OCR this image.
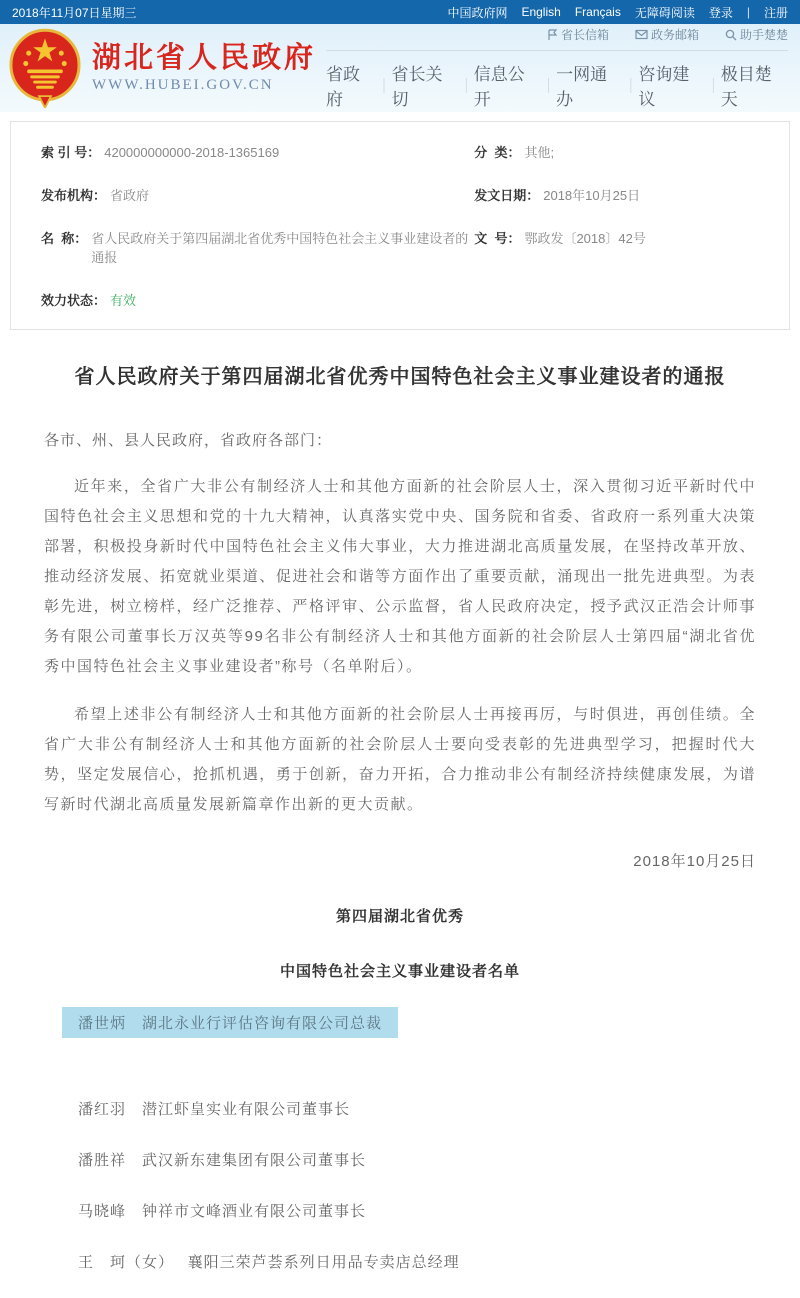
2018年11月07日星期三	中国政府网 English Français 无障碍阅读 登录 | 注册
湖北省人民政府
WWW.HUBEI.GOV.CN
省长信箱	政务邮箱	助手楚楚
省政府
｜
省长关切
｜
信息公开
｜
一网通办
｜
咨询建议
｜
极目楚天
索 引 号： 420000000000-2018-1365169	分  类： 其他;
发布机构： 省政府	发文日期： 2018年10月25日
名  称： 省人民政府关于第四届湖北省优秀中国特色社会主义事业建设者的通报
文  号： 鄂政发〔2018〕42号
效力状态： 有效
省人民政府关于第四届湖北省优秀中国特色社会主义事业建设者的通报
各市、州、县人民政府，省政府各部门：
近年来，全省广大非公有制经济人士和其他方面新的社会阶层人士，深入贯彻习近平新时代中国特色社会主义思想和党的十九大精神，认真落实党中央、国务院和省委、省政府一系列重大决策部署，积极投身新时代中国特色社会主义伟大事业，大力推进湖北高质量发展，在坚持改革开放、推动经济发展、拓宽就业渠道、促进社会和谐等方面作出了重要贡献，涌现出一批先进典型。为表彰先进，树立榜样，经广泛推荐、严格评审、公示监督，省人民政府决定，授予武汉正浩会计师事务有限公司董事长万汉英等99名非公有制经济人士和其他方面新的社会阶层人士第四届“湖北省优秀中国特色社会主义事业建设者”称号（名单附后）。
希望上述非公有制经济人士和其他方面新的社会阶层人士再接再厉，与时俱进，再创佳绩。全省广大非公有制经济人士和其他方面新的社会阶层人士要向受表彰的先进典型学习，把握时代大势，坚定发展信心，抢抓机遇，勇于创新，奋力开拓，合力推动非公有制经济持续健康发展，为谱写新时代湖北高质量发展新篇章作出新的更大贡献。
2018年10月25日
第四届湖北省优秀
中国特色社会主义事业建设者名单
潘世炳　湖北永业行评估咨询有限公司总裁
潘红羽　潜江虾皇实业有限公司董事长
潘胜祥　武汉新东建集团有限公司董事长
马晓峰　钟祥市文峰酒业有限公司董事长
王　珂（女）　 襄阳三荣芦荟系列日用品专卖店总经理
